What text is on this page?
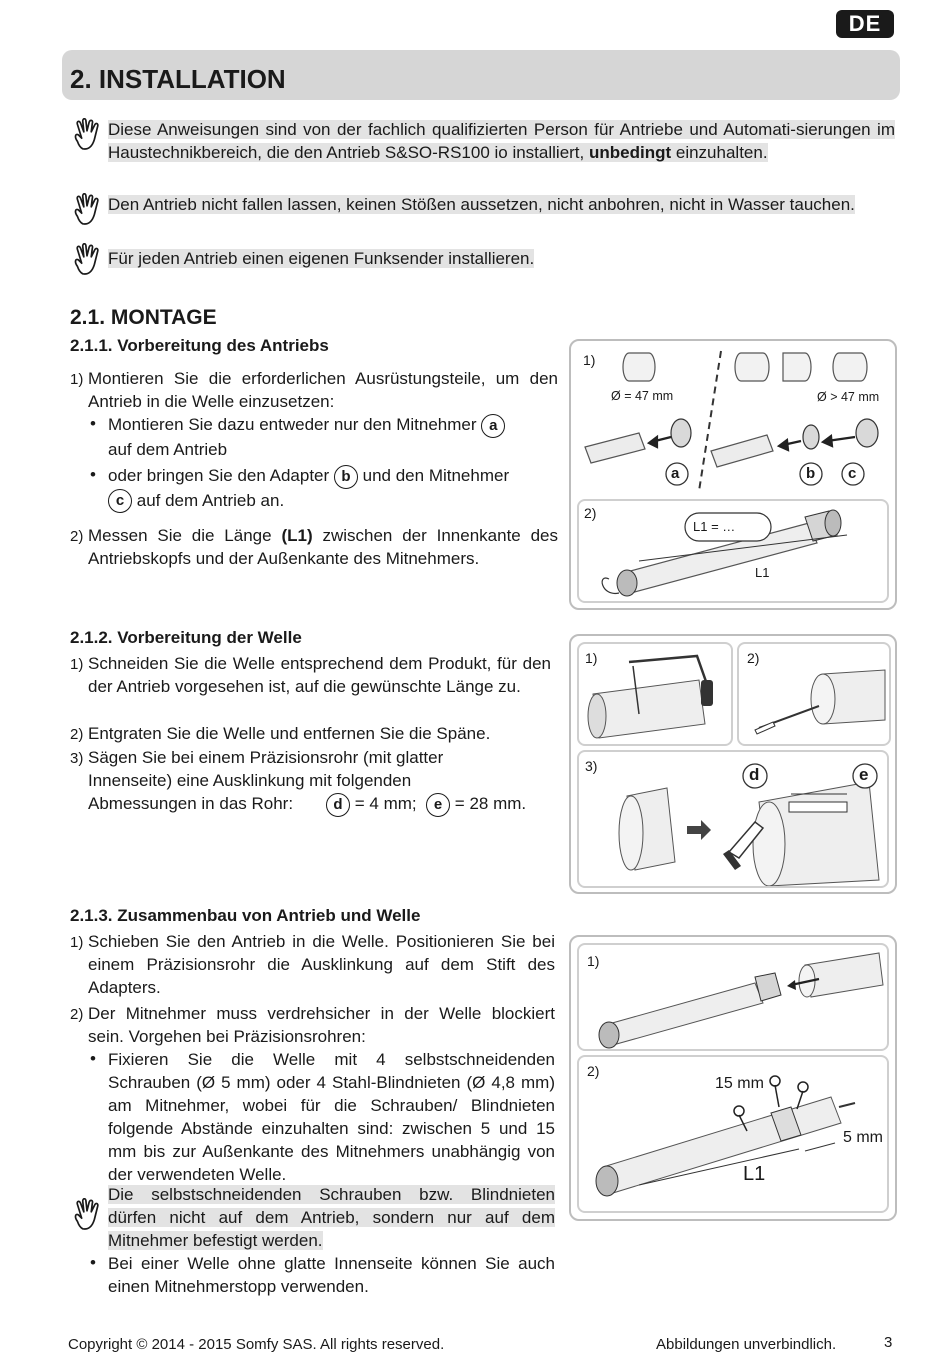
DE
2. INSTALLATION
Diese Anweisungen sind von der fachlich qualifizierten Person für Antriebe und Automati-sierungen im Haustechnikbereich, die den Antrieb S&SO-RS100 io installiert, unbedingt einzuhalten.
Den Antrieb nicht fallen lassen, keinen Stößen aussetzen, nicht anbohren, nicht in Wasser tauchen.
Für jeden Antrieb einen eigenen Funksender installieren.
2.1. MONTAGE
2.1.1. Vorbereitung des Antriebs
1) Montieren Sie die erforderlichen Ausrüstungsteile, um den Antrieb in die Welle einzusetzen:
• Montieren Sie dazu entweder nur den Mitnehmer a
auf dem Antrieb
• oder bringen Sie den Adapter b und den Mitnehmer
c auf dem Antrieb an.
2) Messen Sie die Länge (L1) zwischen der Innenkante des Antriebskopfs und der Außenkante des Mitnehmers.
1)
Ø = 47 mm	Ø > 47 mm
a	b c
2)
L1 = …
L1
2.1.2. Vorbereitung der Welle
1) Schneiden Sie die Welle entsprechend dem Produkt, für den der Antrieb vorgesehen ist, auf die gewünschte Länge zu.
2) Entgraten Sie die Welle und entfernen Sie die Späne.
3) Sägen Sie bei einem Präzisionsrohr (mit glatter Innenseite) eine Ausklinkung mit folgenden Abmessungen in das Rohr:	d = 4 mm; e = 28 mm.
1)	2)
3)	d	e
2.1.3. Zusammenbau von Antrieb und Welle
1) Schieben Sie den Antrieb in die Welle. Positionieren Sie bei einem Präzisionsrohr die Ausklinkung auf dem Stift des Adapters.
2) Der Mitnehmer muss verdrehsicher in der Welle blockiert sein. Vorgehen bei Präzisionsrohren:
• Fixieren Sie die Welle mit 4 selbstschneidenden Schrauben (Ø 5 mm) oder 4 Stahl-Blindnieten (Ø 4,8 mm) am Mitnehmer, wobei für die Schrauben/ Blindnieten folgende Abstände einzuhalten sind: zwischen 5 und 15 mm bis zur Außenkante des Mitnehmers unabhängig von der verwendeten Welle.
Die selbstschneidenden Schrauben bzw. Blindnieten dürfen nicht auf dem Antrieb, sondern nur auf dem Mitnehmer befestigt werden.
• Bei einer Welle ohne glatte Innenseite können Sie auch einen Mitnehmerstopp verwenden.
1)
2)
15 mm
5 mm
L1
Copyright © 2014 - 2015 Somfy SAS. All rights reserved.	Abbildungen unverbindlich.	3
